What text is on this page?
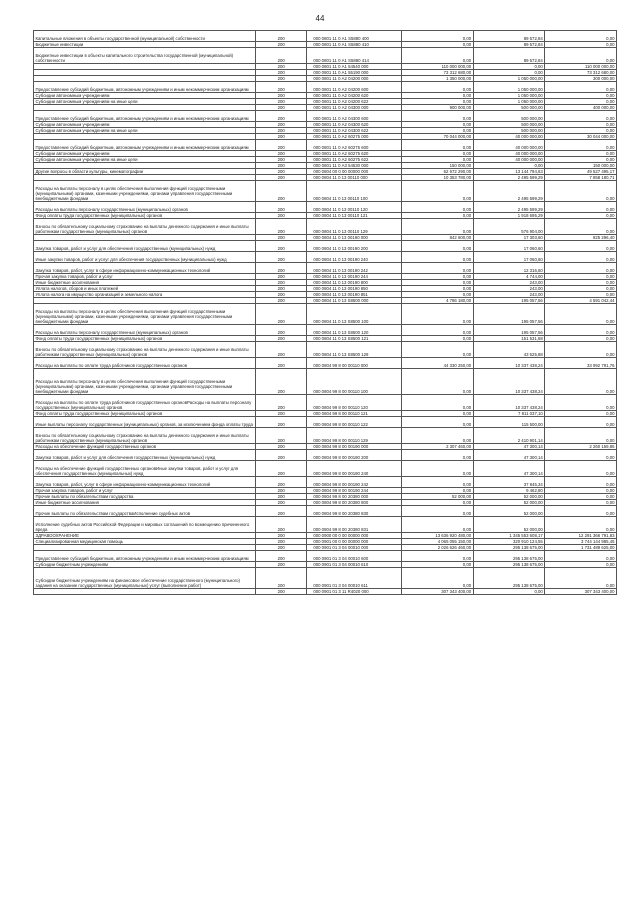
44
Капитальные вложения в объекты государственной (муниципальной) собственности	200	000 0801 11 0 А1 S5880 400	0,00	89 572,84	0,00
Бюджетные инвестиции	200	000 0801 11 0 А1 S5880 410	0,00	89 572,84	0,00
Бюджетные инвестиции в объекты капитального строительства государственной (муниципальной) собственности	200	000 0801 11 0 А1 S5880 414	0,00	89 572,84	0,00
	200	000 0801 11 0 А1 54540 000	110 000 000,00	0,00	110 000 000,00
	200	000 0801 11 0 А1 55190 000	73 312 680,00	0,00	73 312 680,00
	200	000 0801 11 0 А2 04200 000	1 350 000,00	1 050 000,00	300 000,00
Предоставление субсидий бюджетным, автономным учреждениям и иным некоммерческим организациям	200	000 0801 11 0 А2 04200 600	0,00	1 050 000,00	0,00
Субсидии автономным учреждениям	200	000 0801 11 0 А2 04200 620	0,00	1 050 000,00	0,00
Субсидии автономным учреждениям на иные цели	200	000 0801 11 0 А2 04200 622	0,00	1 050 000,00	0,00
	200	000 0801 11 0 А2 04300 000	900 000,00	500 000,00	400 000,00
Предоставление субсидий бюджетным, автономным учреждениям и иным некоммерческим организациям	200	000 0801 11 0 А2 04300 600	0,00	500 000,00	0,00
Субсидии автономным учреждениям	200	000 0801 11 0 А2 04300 620	0,00	500 000,00	0,00
Субсидии автономным учреждениям на иные цели	200	000 0801 11 0 А2 04300 622	0,00	500 000,00	0,00
	200	000 0801 11 0 А2 60275 000	70 044 000,00	40 000 000,00	30 044 000,00
Предоставление субсидий бюджетным, автономным учреждениям и иным некоммерческим организациям	200	000 0801 11 0 А2 60275 600	0,00	40 000 000,00	0,00
Субсидии автономным учреждениям	200	000 0801 11 0 А2 60275 620	0,00	40 000 000,00	0,00
Субсидии автономным учреждениям на иные цели	200	000 0801 11 0 А2 60275 622	0,00	40 000 000,00	0,00
	200	000 0801 11 0 А3 54530 000	150 000,00	0,00	150 000,00
Другие вопросы в области культуры, кинематографии	200	000 0804 00 0 00 00000 000	62 672 290,00	13 144 794,63	49 527 495,17
	200	000 0804 11 0 13 00110 000	10 353 780,00	2 495 599,29	7 858 180,71
Расходы на выплаты персоналу в целях обеспечения выполнения функций государственными (муниципальными) органами, казенными учреждениями, органами управления государственными внебюджетными фондами	200	000 0804 11 0 13 00110 100	0,00	2 495 599,29	0,00
Расходы на выплаты персоналу государственных (муниципальных) органов	200	000 0804 11 0 13 00110 120	0,00	2 495 599,29	0,00
Фонд оплаты труда государственных (муниципальных) органов	200	000 0804 11 0 13 00110 121	0,00	1 918 695,29	0,00
Взносы по обязательному социальному страхованию на выплаты денежного содержания и иные выплаты работникам государственных (муниципальных) органов	200	000 0804 11 0 13 00110 129	0,00	576 904,00	0,00
	200	000 0804 11 0 13 00190 000	842 600,00	17 303,60	825 296,40
Закупка товаров, работ и услуг для обеспечения государственных (муниципальных) нужд	200	000 0804 11 0 13 00190 200	0,00	17 060,60	0,00
Иные закупки товаров, работ и услуг для обеспечения государственных (муниципальных) нужд	200	000 0804 11 0 13 00190 240	0,00	17 060,60	0,00
Закупка товаров, работ, услуг в сфере информационно-коммуникационных технологий	200	000 0804 11 0 13 00190 242	0,00	12 316,60	0,00
Прочая закупка товаров, работ и услуг	200	000 0804 11 0 13 00190 244	0,00	4 744,00	0,00
Иные бюджетные ассигнования	200	000 0804 11 0 13 00190 800	0,00	243,00	0,00
Уплата налогов, сборов и иных платежей	200	000 0804 11 0 13 00190 850	0,00	243,00	0,00
Уплата налога на имущество организаций и земельного налога	200	000 0804 11 0 13 00190 851	0,00	243,00	0,00
	200	000 0804 11 0 13 S8500 000	4 786 180,00	195 057,56	4 591 042,44
Расходы на выплаты персоналу в целях обеспечения выполнения функций государственными (муниципальными) органами, казенными учреждениями, органами управления государственными внебюджетными фондами	200	000 0804 11 0 13 S8500 100	0,00	195 057,56	0,00
Расходы на выплаты персоналу государственных (муниципальных) органов	200	000 0804 11 0 13 S8500 120	0,00	195 057,56	0,00
Фонд оплаты труда государственных (муниципальных) органов	200	000 0804 11 0 13 S8500 121	0,00	151 531,68	0,00
Взносы по обязательному социальному страхованию на выплаты денежного содержания и иные выплаты работникам государственных (муниципальных) органов	200	000 0804 11 0 13 S8500 129	0,00	43 525,88	0,00
Расходы на выплаты по оплате труда работников государственных органов	200	000 0804 99 8 00 00110 000	44 330 250,00	10 337 438,24	33 992 791,76
Расходы на выплаты персоналу в целях обеспечения выполнения функций государственными (муниципальными) органами, казенными учреждениями, органами управления государственными внебюджетными фондами	200	000 0804 99 8 00 00110 100	0,00	10 337 438,24	0,00
Расходы на выплаты по оплате труда работников государственных органовРасходы на выплаты персоналу государственных (муниципальных) органов	200	000 0804 99 8 00 00110 120	0,00	10 337 438,24	0,00
Фонд оплаты труда государственных (муниципальных) органов	200	000 0804 99 8 00 00110 121	0,00	7 811 037,10	0,00
Иные выплаты персоналу государственных (муниципальных) органов, за исключением фонда оплаты труда	200	000 0804 99 8 00 00110 122	0,00	115 500,00	0,00
Взносы по обязательному социальному страхованию на выплаты денежного содержания и иные выплаты работникам государственных (муниципальных) органов	200	000 0804 99 8 00 00110 129	0,00	2 410 901,14	0,00
Расходы на обеспечение функций государственных органов	200	000 0804 99 8 00 00190 000	2 307 460,00	47 300,14	2 260 159,86
Закупка товаров, работ и услуг для обеспечения государственных (муниципальных) нужд	200	000 0804 99 8 00 00190 200	0,00	47 300,14	0,00
Расходы на обеспечение функций государственных органовИные закупки товаров, работ и услуг для обеспечения государственных (муниципальных) нужд	200	000 0804 99 8 00 00190 240	0,00	47 300,14	0,00
Закупка товаров, работ, услуг в сфере информационно-коммуникационных технологий	200	000 0804 99 8 00 00190 242	0,00	37 845,34	0,00
Прочая закупка товаров, работ и услуг	200	000 0804 99 8 00 00190 244	0,00	9 462,80	0,00
Прочие выплаты по обязательствам государства	200	000 0804 99 8 00 20380 000	52 000,00	52 000,00	0,00
Иные бюджетные ассигнования	200	000 0804 99 8 00 20380 800	0,00	52 000,00	0,00
Прочие выплаты по обязательствам государстваИсполнение судебных актов	200	000 0804 99 8 00 20380 830	0,00	52 000,00	0,00
Исполнение судебных актов Российской Федерации и мировых соглашений по возмещению причиненного вреда	200	000 0804 99 8 00 20380 831	0,00	52 000,00	0,00
ЗДРАВООХРАНЕНИЕ	200	000 0900 00 0 00 00000 000	13 636 920 480,00	1 345 553 608,17	12 291 366 791,83
Специализированная медицинская помощь	200	000 0901 00 0 00 00000 000	4 065 055 150,00	320 910 124,55	3 744 144 985,45
	200	000 0901 01 3 04 00010 000	2 026 626 460,00	295 138 675,00	1 731 489 625,00
Предоставление субсидий бюджетным, автономным учреждениям и иным некоммерческим организациям	200	000 0901 01 3 04 00010 600	0,00	295 138 675,00	0,00
Субсидии бюджетным учреждениям	200	000 0901 01 3 04 00010 610	0,00	295 138 675,00	0,00
Субсидии бюджетным учреждениям на финансовое обеспечение государственного (муниципального) задания на оказание государственных (муниципальных) услуг (выполнение работ)	200	000 0901 01 3 04 00010 611	0,00	295 138 675,00	0,00
	200	000 0901 01 3 11 R4020 000	307 343 400,00	0,00	307 343 400,00
